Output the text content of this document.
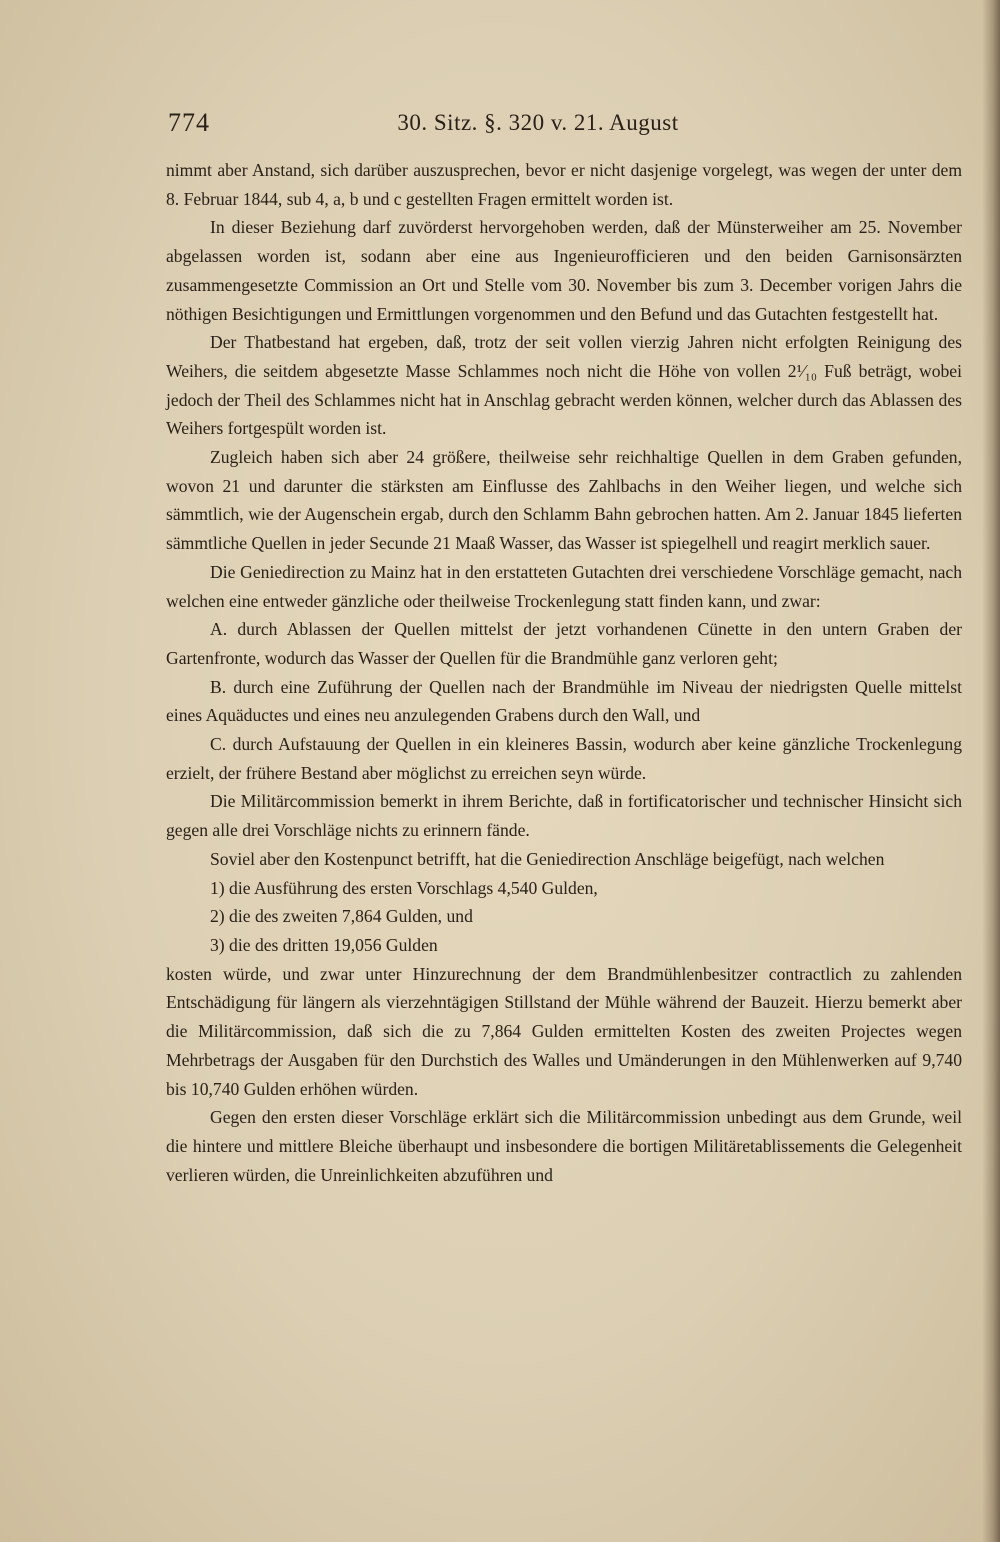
774	30. Sitz. §. 320 v. 21. August

nimmt aber Anstand, sich darüber auszusprechen, bevor er nicht dasjenige vorgelegt, was wegen der unter dem 8. Februar 1844, sub 4, a, b und c gestellten Fragen ermittelt worden ist.

In dieser Beziehung darf zuvörderst hervorgehoben werden, daß der Münsterweiher am 25. November abgelassen worden ist, sodann aber eine aus Ingenieurofficieren und den beiden Garnisonsärzten zusammengesetzte Commission an Ort und Stelle vom 30. November bis zum 3. December vorigen Jahrs die nöthigen Besichtigungen und Ermittlungen vorgenommen und den Befund und das Gutachten festgestellt hat.

Der Thatbestand hat ergeben, daß, trotz der seit vollen vierzig Jahren nicht erfolgten Reinigung des Weihers, die seitdem abgesetzte Masse Schlammes noch nicht die Höhe von vollen 2¹⁄₁₀ Fuß beträgt, wobei jedoch der Theil des Schlammes nicht hat in Anschlag gebracht werden können, welcher durch das Ablassen des Weihers fortgespült worden ist.

Zugleich haben sich aber 24 größere, theilweise sehr reichhaltige Quellen in dem Graben gefunden, wovon 21 und darunter die stärksten am Einflusse des Zahlbachs in den Weiher liegen, und welche sich sämmtlich, wie der Augenschein ergab, durch den Schlamm Bahn gebrochen hatten. Am 2. Januar 1845 lieferten sämmtliche Quellen in jeder Secunde 21 Maaß Wasser, das Wasser ist spiegelhell und reagirt merklich sauer.

Die Geniedirection zu Mainz hat in den erstatteten Gutachten drei verschiedene Vorschläge gemacht, nach welchen eine entweder gänzliche oder theilweise Trockenlegung statt finden kann, und zwar:

A. durch Ablassen der Quellen mittelst der jetzt vorhandenen Cünette in den untern Graben der Gartenfronte, wodurch das Wasser der Quellen für die Brandmühle ganz verloren geht;

B. durch eine Zuführung der Quellen nach der Brandmühle im Niveau der niedrigsten Quelle mittelst eines Aquäductes und eines neu anzulegenden Grabens durch den Wall, und

C. durch Aufstauung der Quellen in ein kleineres Bassin, wodurch aber keine gänzliche Trockenlegung erzielt, der frühere Bestand aber möglichst zu erreichen seyn würde.

Die Militärcommission bemerkt in ihrem Berichte, daß in fortificatorischer und technischer Hinsicht sich gegen alle drei Vorschläge nichts zu erinnern fände.

Soviel aber den Kostenpunct betrifft, hat die Geniedirection Anschläge beigefügt, nach welchen

1) die Ausführung des ersten Vorschlags 4,540 Gulden,

2) die des zweiten 7,864 Gulden, und

3) die des dritten 19,056 Gulden

kosten würde, und zwar unter Hinzurechnung der dem Brandmühlenbesitzer contractlich zu zahlenden Entschädigung für längern als vierzehntägigen Stillstand der Mühle während der Bauzeit. Hierzu bemerkt aber die Militärcommission, daß sich die zu 7,864 Gulden ermittelten Kosten des zweiten Projectes wegen Mehrbetrags der Ausgaben für den Durchstich des Walles und Umänderungen in den Mühlenwerken auf 9,740 bis 10,740 Gulden erhöhen würden.

Gegen den ersten dieser Vorschläge erklärt sich die Militärcommission unbedingt aus dem Grunde, weil die hintere und mittlere Bleiche überhaupt und insbesondere die bortigen Militäretablissements die Gelegenheit verlieren würden, die Unreinlichkeiten abzuführen und
